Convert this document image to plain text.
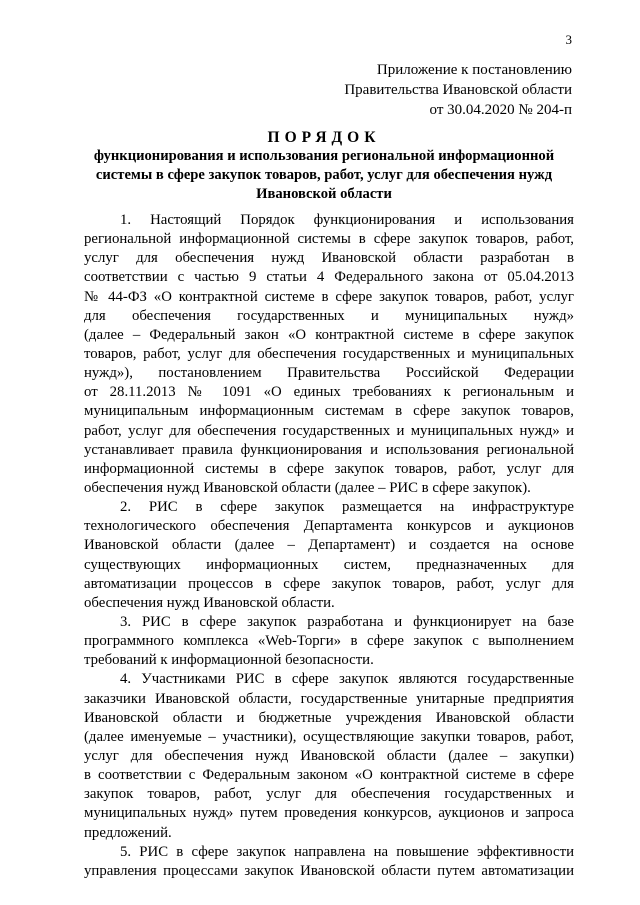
3
Приложение к постановлению
Правительства Ивановской области
от 30.04.2020 № 204-п
ПОРЯДОК
функционирования и использования региональной информационной
системы в сфере закупок товаров, работ, услуг для обеспечения нужд
Ивановской области
1. Настоящий Порядок функционирования и использования
региональной информационной системы в сфере закупок товаров, работ,
услуг для обеспечения нужд Ивановской области разработан в
соответствии с частью 9 статьи 4 Федерального закона от 05.04.2013
№ 44-ФЗ «О контрактной системе в сфере закупок товаров, работ, услуг
для обеспечения государственных и муниципальных нужд»
(далее – Федеральный закон «О контрактной системе в сфере закупок
товаров, работ, услуг для обеспечения государственных и муниципальных
нужд»), постановлением Правительства Российской Федерации
от 28.11.2013 № 1091 «О единых требованиях к региональным и
муниципальным информационным системам в сфере закупок товаров,
работ, услуг для обеспечения государственных и муниципальных нужд» и
устанавливает правила функционирования и использования региональной
информационной системы в сфере закупок товаров, работ, услуг для
обеспечения нужд Ивановской области (далее – РИС в сфере закупок).
2. РИС в сфере закупок размещается на инфраструктуре
технологического обеспечения Департамента конкурсов и аукционов
Ивановской области (далее – Департамент) и создается на основе
существующих информационных систем, предназначенных для
автоматизации процессов в сфере закупок товаров, работ, услуг для
обеспечения нужд Ивановской области.
3. РИС в сфере закупок разработана и функционирует на базе
программного комплекса «Web-Торги» в сфере закупок с выполнением
требований к информационной безопасности.
4. Участниками РИС в сфере закупок являются государственные
заказчики Ивановской области, государственные унитарные предприятия
Ивановской области и бюджетные учреждения Ивановской области
(далее именуемые – участники), осуществляющие закупки товаров, работ,
услуг для обеспечения нужд Ивановской области (далее – закупки)
в соответствии с Федеральным законом «О контрактной системе в сфере
закупок товаров, работ, услуг для обеспечения государственных и
муниципальных нужд» путем проведения конкурсов, аукционов и запроса
предложений.
5. РИС в сфере закупок направлена на повышение эффективности
управления процессами закупок Ивановской области путем автоматизации
